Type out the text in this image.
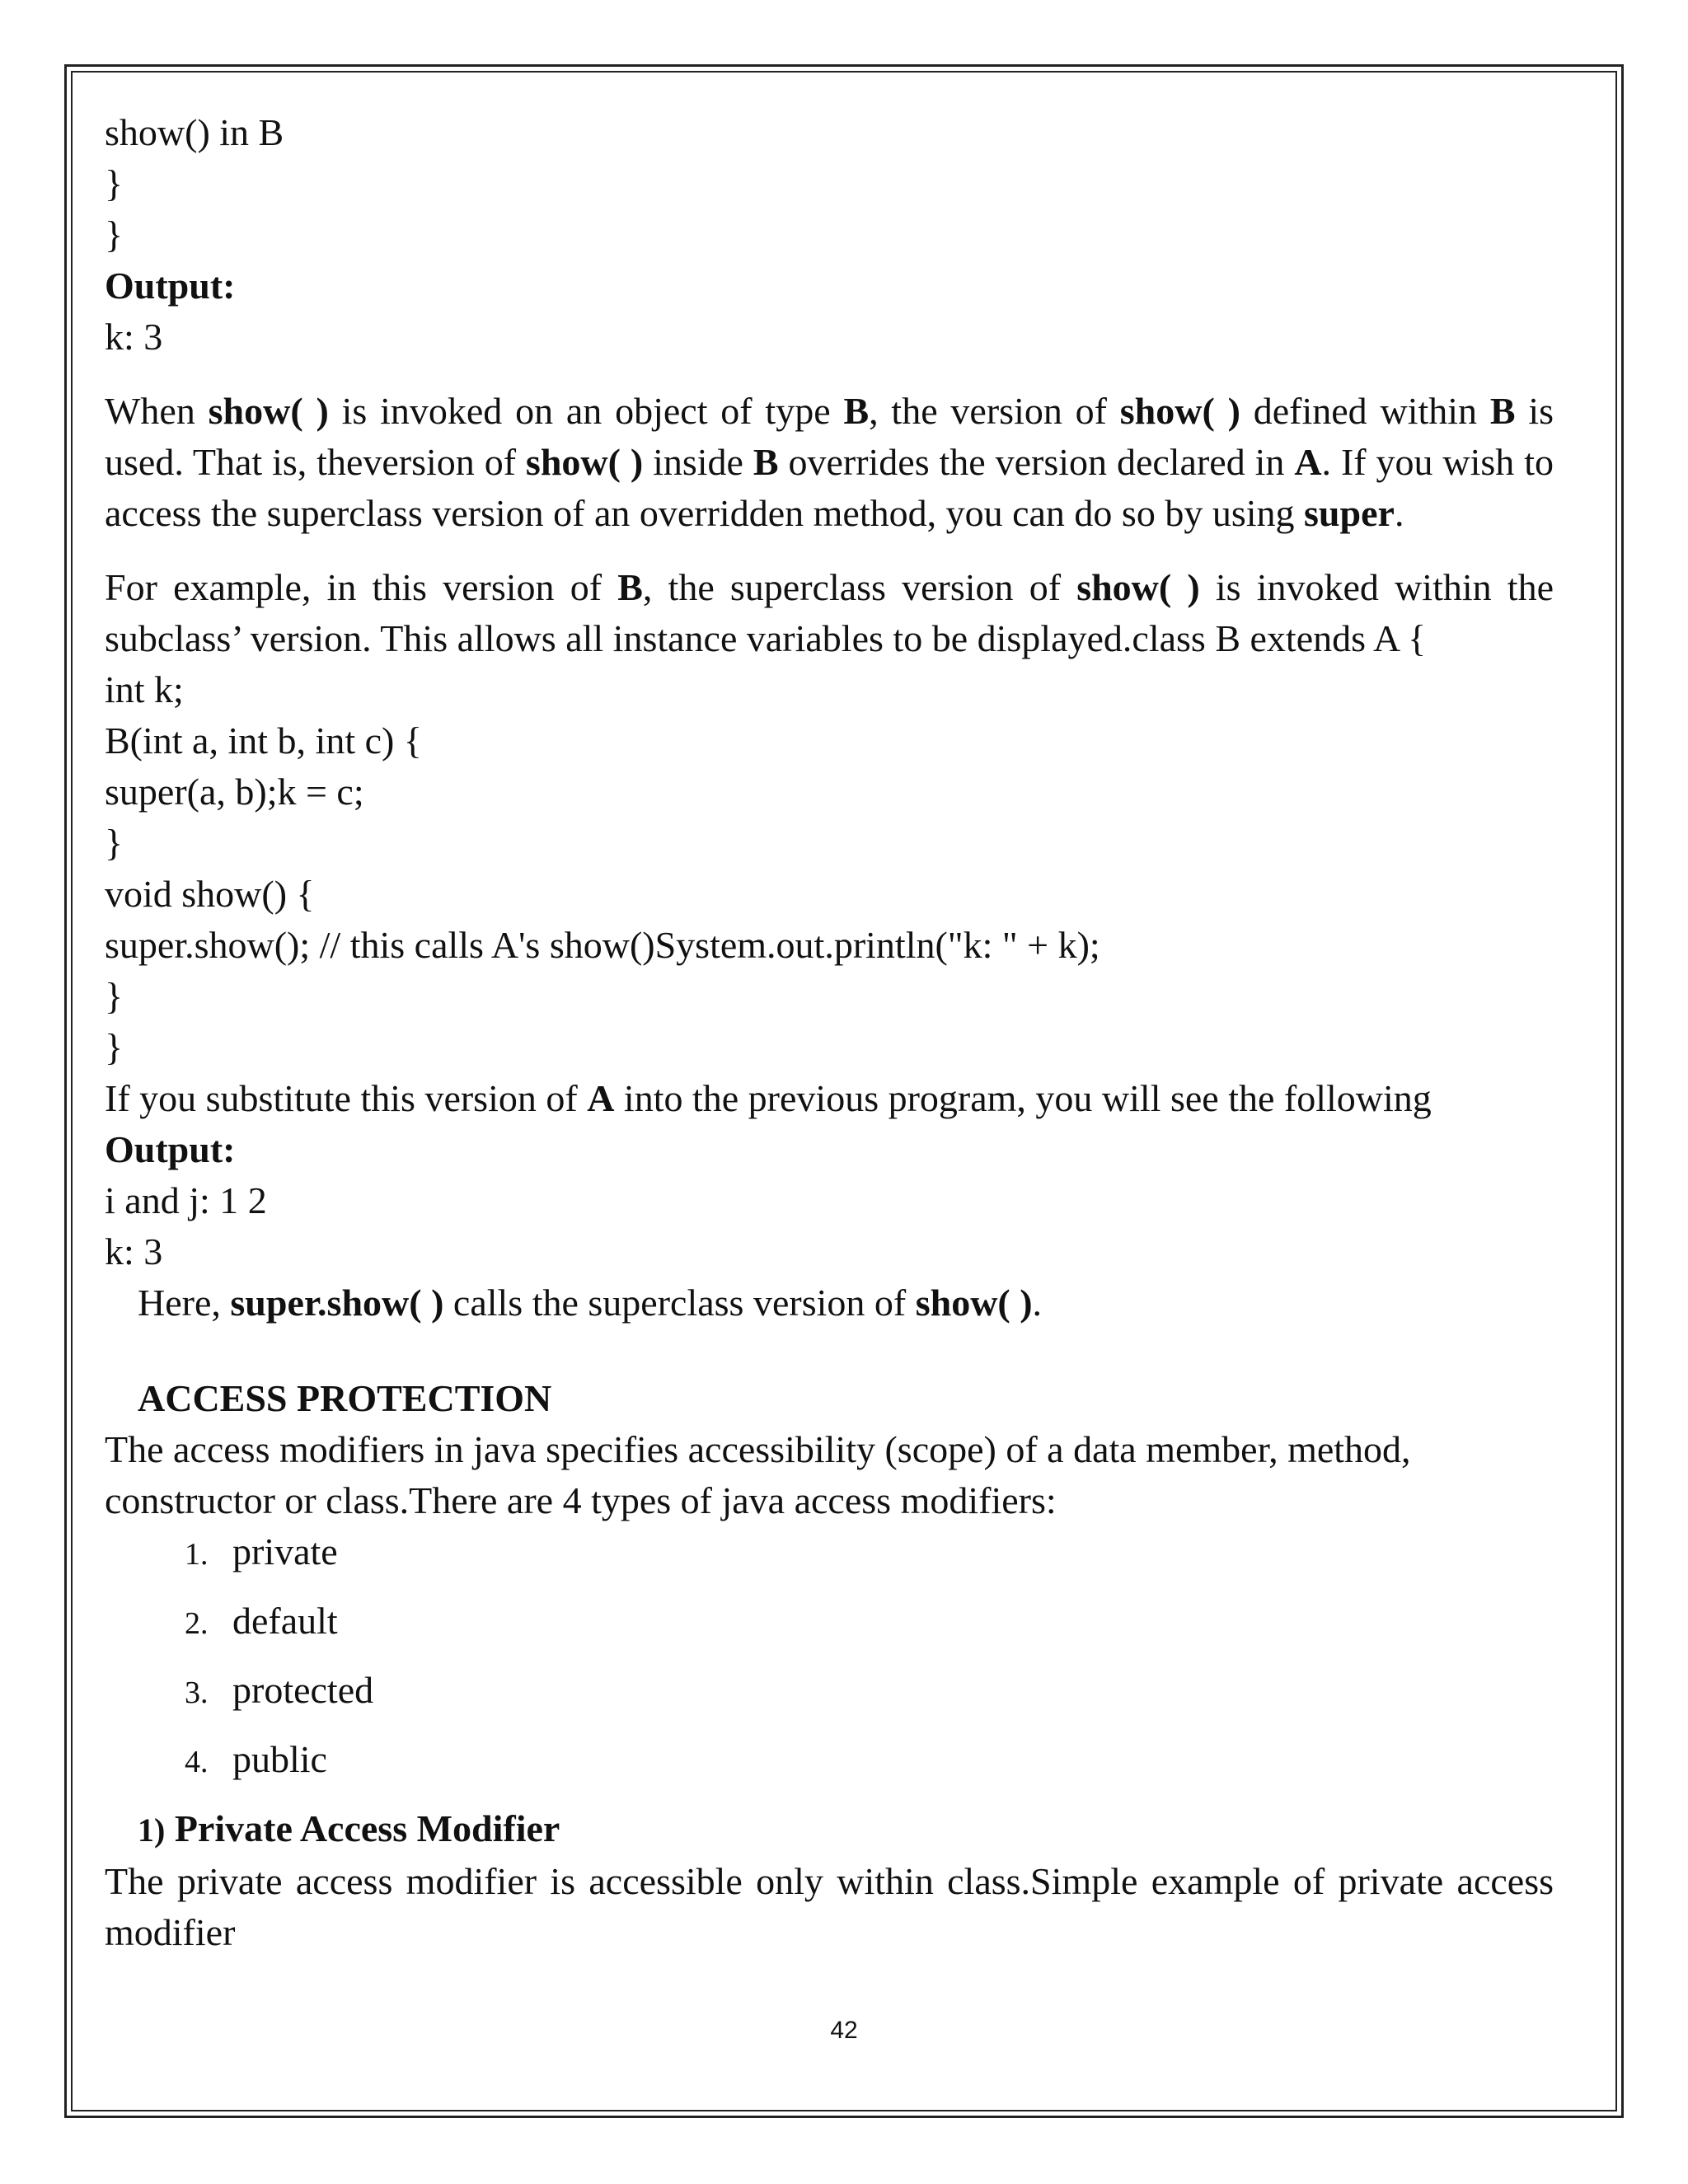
show() in B
}
}
Output:
k: 3
When show( ) is invoked on an object of type B, the version of show( ) defined within B is used. That is, theversion of show( ) inside B overrides the version declared in A. If you wish to access the superclass version of an overridden method, you can do so by using super.
For example, in this version of B, the superclass version of show( ) is invoked within the subclass’ version. This allows all instance variables to be displayed.class B extends A {
int k;
B(int a, int b, int c) {
super(a, b);k = c;
}
void show() {
super.show(); // this calls A's show()System.out.println("k: " + k);
}
}
If you substitute this version of A into the previous program, you will see the following
Output:
i and j: 1 2
k: 3
Here, super.show( ) calls the superclass version of show( ).
ACCESS PROTECTION
The access modifiers in java specifies accessibility (scope) of a data member, method, constructor or class.There are 4 types of java access modifiers:
1. private
2. default
3. protected
4. public
1) Private Access Modifier
The private access modifier is accessible only within class.Simple example of private access modifier
42
